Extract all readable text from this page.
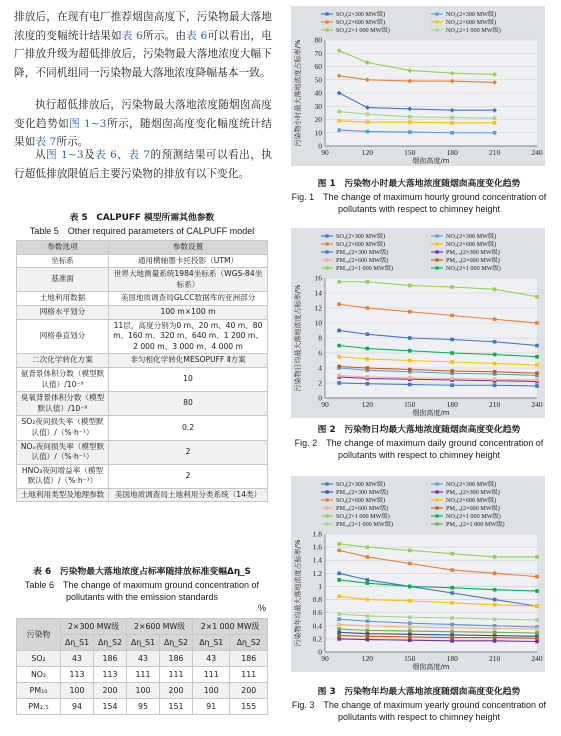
排放后，在现有电厂推荐烟囱高度下，污染物最大落地浓度的变幅统计结果如表 6所示。由表 6可以看出，电厂排放升级为超低排放后，污染物最大落地浓度大幅下降，不同机组同一污染物最大落地浓度降幅基本一致。
执行超低排放后，污染物最大落地浓度随烟囱高度变化趋势如图 1~3所示，随烟囱高度变化幅度统计结果如表 7所示。
从图 1~3及表 6、表 7的预测结果可以看出，执行超低排放限值后主要污染物的排放有以下变化。
表 5　CALPUFF 模型所需其他参数
Table 5　Other required parameters of CALPUFF model
参数选项	参数设置
坐标系	通用横轴墨卡托投影（UTM）
基准面	世界大地测量系统1984坐标系（WGS-84坐标系）
土地利用数据	美国地质调查局GLCC数据库的亚洲部分
网格水平划分	100 m×100 m
网格垂直划分	11层，高度分别为0 m、20 m、40 m、80 m、160 m、320 m、640 m、1 200 m、2 000 m、3 000 m、4 000 m
二次化学转化方案	非匀相化学转化MESOPUFF Ⅱ方案
氨背景体积分数（模型默认值）/10⁻⁹	10
臭氧背景体积分数（模型默认值）/10⁻⁹	80
SO₂夜间损失率（模型默认值）/（%·h⁻¹）	0.2
NOₓ夜间损失率（模型默认值）/（%·h⁻¹）	2
HNO₃夜间增益率（模型默认值）/（%·h⁻¹）	2
土地利用类型及地理参数	美国地质调查局土地利用分类系统（14类）
表 6　污染物最大落地浓度占标率随排放标准变幅Δη_S
Table 6　The change of maximum ground concentration of pollutants with the emission standards
%
污染物	2×300 MW级		2×600 MW级		2×1 000 MW级	
	Δη_S1	Δη_S2	Δη_S1	Δη_S2	Δη_S1	Δη_S2
SO₂	43	186	43	186	43	186
NO₂	113	113	111	111	111	111
PM₁₀	100	200	100	200	100	200
PM₂.₅	94	154	95	151	91	155
0
10
20
30
40
50
60
70
80
90	120	150	180	210	240
烟囱高度/m
污染物小时最大落地浓度占标率/%
SO₂(2×300 MW级)	NO₂(2×300 MW级)
SO₂(2×600 MW级)	NO₂(2×600 MW级)
SO₂(2×1 000 MW级)	NO₂(2×1 000 MW级)
图 1　污染物小时最大落地浓度随烟囱高度变化趋势
Fig. 1　The change of maximum hourly ground concentration of pollutants with respect to chimney height
0
2
4
6
8
10
12
14
16
90	120	150	180	210	240
烟囱高度/m
污染物日均最大落地浓度占标率/%
SO₂(2×300 MW级)	NO₂(2×300 MW级)
SO₂(2×600 MW级)	NO₂(2×600 MW级)
PM₁₀(2×300 MW级)	PM₂.₅(2×300 MW级)
PM₁₀(2×600 MW级)	PM₂.₅(2×600 MW级)
PM₁₀(2×1 000 MW级)	NO₂(2×1 000 MW级)
图 2　污染物日均最大落地浓度随烟囱高度变化趋势
Fig. 2　The change of maximum daily ground concentration of pollutants with respect to chimney height
0
0.2
0.4
0.6
0.8
1
1.2
1.4
1.6
1.8
90	120	150	180	210	240
烟囱高度/m
污染物年均最大落地浓度占标率/%
SO₂(2×300 MW级)	NO₂(2×300 MW级)
PM₁₀(2×300 MW级)	PM₂.₅(2×300 MW级)
SO₂(2×600 MW级)	NO₂(2×600 MW级)
PM₁₀(2×600 MW级)	PM₂.₅(2×600 MW级)
SO₂(2×1 000 MW级)	NO₂(2×1 000 MW级)
PM₁₀(2×1 000 MW级)	PM₂.₅(2×1 000 MW级)
图 3　污染物年均最大落地浓度随烟囱高度变化趋势
Fig. 3　The change of maximum yearly ground concentration of pollutants with respect to chimney height
